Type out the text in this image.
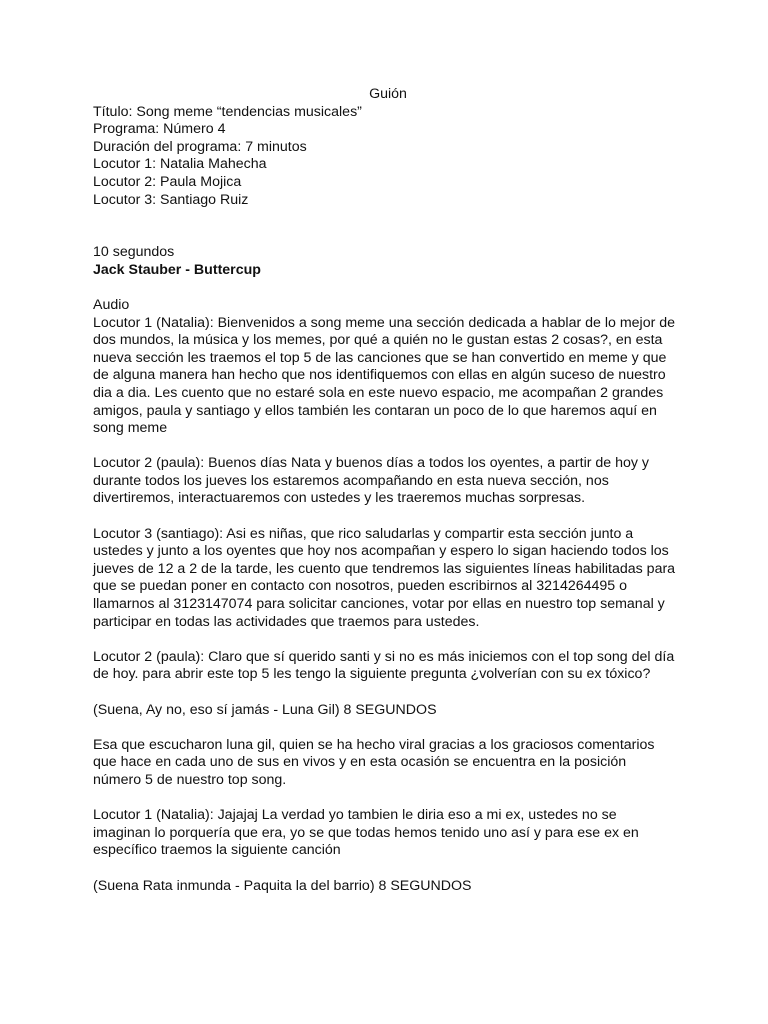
Guión

Título: Song meme “tendencias musicales”

Programa: Número 4

Duración del programa: 7 minutos

Locutor 1: Natalia Mahecha

Locutor 2: Paula Mojica

Locutor 3: Santiago Ruiz

10 segundos

Jack Stauber - Buttercup

Audio

Locutor 1 (Natalia): Bienvenidos a song meme una sección dedicada a hablar de lo mejor de
dos mundos, la música y los memes, por qué a quién no le gustan estas 2 cosas?, en esta
nueva sección les traemos el top 5 de las canciones que se han convertido en meme y que
de alguna manera han hecho que nos identifiquemos con ellas en algún suceso de nuestro
dia a dia. Les cuento que no estaré sola en este nuevo espacio, me acompañan 2 grandes
amigos, paula y santiago y ellos también les contaran un poco de lo que haremos aquí en
song meme

Locutor 2 (paula): Buenos días Nata y buenos días a todos los oyentes, a partir de hoy y
durante todos los jueves los estaremos acompañando en esta nueva sección, nos
divertiremos, interactuaremos con ustedes y les traeremos muchas sorpresas.

Locutor 3 (santiago): Asi es niñas, que rico saludarlas y compartir esta sección junto a
ustedes y junto a los oyentes que hoy nos acompañan y espero lo sigan haciendo todos los
jueves de 12 a 2 de la tarde, les cuento que tendremos las siguientes líneas habilitadas para
que se puedan poner en contacto con nosotros, pueden escribirnos al 3214264495 o
llamarnos al 3123147074 para solicitar canciones, votar por ellas en nuestro top semanal y
participar en todas las actividades que traemos para ustedes.

Locutor 2 (paula): Claro que sí querido santi y si no es más iniciemos con el top song del día
de hoy. para abrir este top 5 les tengo la siguiente pregunta ¿volverían con su ex tóxico?

(Suena, Ay no, eso sí jamás - Luna Gil) 8 SEGUNDOS

Esa que escucharon luna gil, quien se ha hecho viral gracias a los graciosos comentarios
que hace en cada uno de sus en vivos y en esta ocasión se encuentra en la posición
número 5 de nuestro top song.

Locutor 1 (Natalia): Jajajaj La verdad yo tambien le diria eso a mi ex, ustedes no se
imaginan lo porquería que era, yo se que todas hemos tenido uno así y para ese ex en
específico traemos la siguiente canción

(Suena Rata inmunda - Paquita la del barrio) 8 SEGUNDOS
